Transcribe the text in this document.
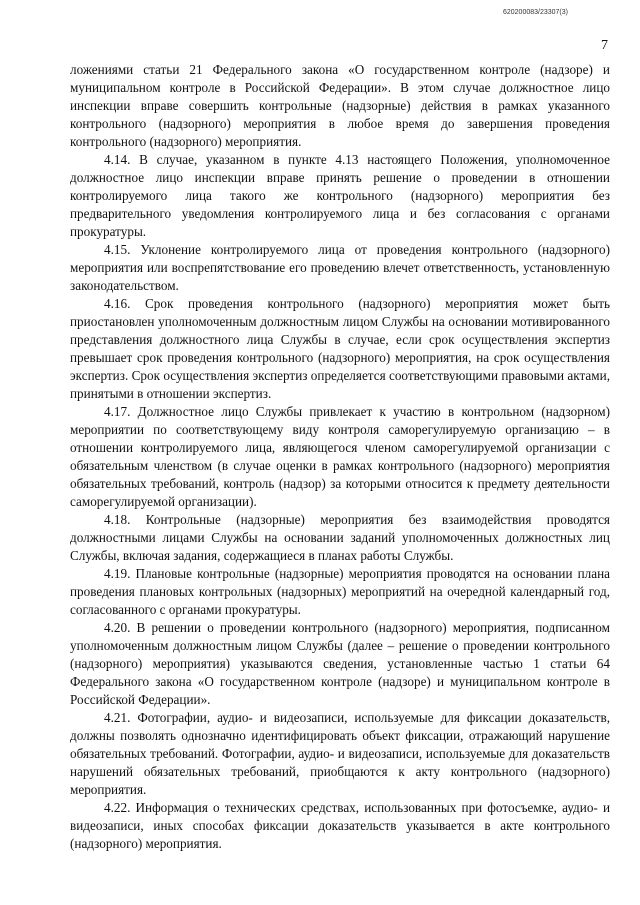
620200083/23307(3)
7

ложениями статьи 21 Федерального закона «О государственном контроле (надзоре) и муниципальном контроле в Российской Федерации». В этом случае должностное лицо инспекции вправе совершить контрольные (надзорные) действия в рамках указанного контрольного (надзорного) мероприятия в любое время до завершения проведения контрольного (надзорного) мероприятия.

4.14. В случае, указанном в пункте 4.13 настоящего Положения, уполномоченное должностное лицо инспекции вправе принять решение о проведении в отношении контролируемого лица такого же контрольного (надзорного) мероприятия без предварительного уведомления контролируемого лица и без согласования с органами прокуратуры.

4.15. Уклонение контролируемого лица от проведения контрольного (надзорного) мероприятия или воспрепятствование его проведению влечет ответственность, установленную законодательством.

4.16. Срок проведения контрольного (надзорного) мероприятия может быть приостановлен уполномоченным должностным лицом Службы на основании мотивированного представления должностного лица Службы в случае, если срок осуществления экспертиз превышает срок проведения контрольного (надзорного) мероприятия, на срок осуществления экспертиз. Срок осуществления экспертиз определяется соответствующими правовыми актами, принятыми в отношении экспертиз.

4.17. Должностное лицо Службы привлекает к участию в контрольном (надзорном) мероприятии по соответствующему виду контроля саморегулируемую организацию – в отношении контролируемого лица, являющегося членом саморегулируемой организации с обязательным членством (в случае оценки в рамках контрольного (надзорного) мероприятия обязательных требований, контроль (надзор) за которыми относится к предмету деятельности саморегулируемой организации).

4.18. Контрольные (надзорные) мероприятия без взаимодействия проводятся должностными лицами Службы на основании заданий уполномоченных должностных лиц Службы, включая задания, содержащиеся в планах работы Службы.

4.19. Плановые контрольные (надзорные) мероприятия проводятся на основании плана проведения плановых контрольных (надзорных) мероприятий на очередной календарный год, согласованного с органами прокуратуры.

4.20. В решении о проведении контрольного (надзорного) мероприятия, подписанном уполномоченным должностным лицом Службы (далее – решение о проведении контрольного (надзорного) мероприятия) указываются сведения, установленные частью 1 статьи 64 Федерального закона «О государственном контроле (надзоре) и муниципальном контроле в Российской Федерации».

4.21. Фотографии, аудио- и видеозаписи, используемые для фиксации доказательств, должны позволять однозначно идентифицировать объект фиксации, отражающий нарушение обязательных требований. Фотографии, аудио- и видеозаписи, используемые для доказательств нарушений обязательных требований, приобщаются к акту контрольного (надзорного) мероприятия.

4.22. Информация о технических средствах, использованных при фотосъемке, аудио- и видеозаписи, иных способах фиксации доказательств указывается в акте контрольного (надзорного) мероприятия.
